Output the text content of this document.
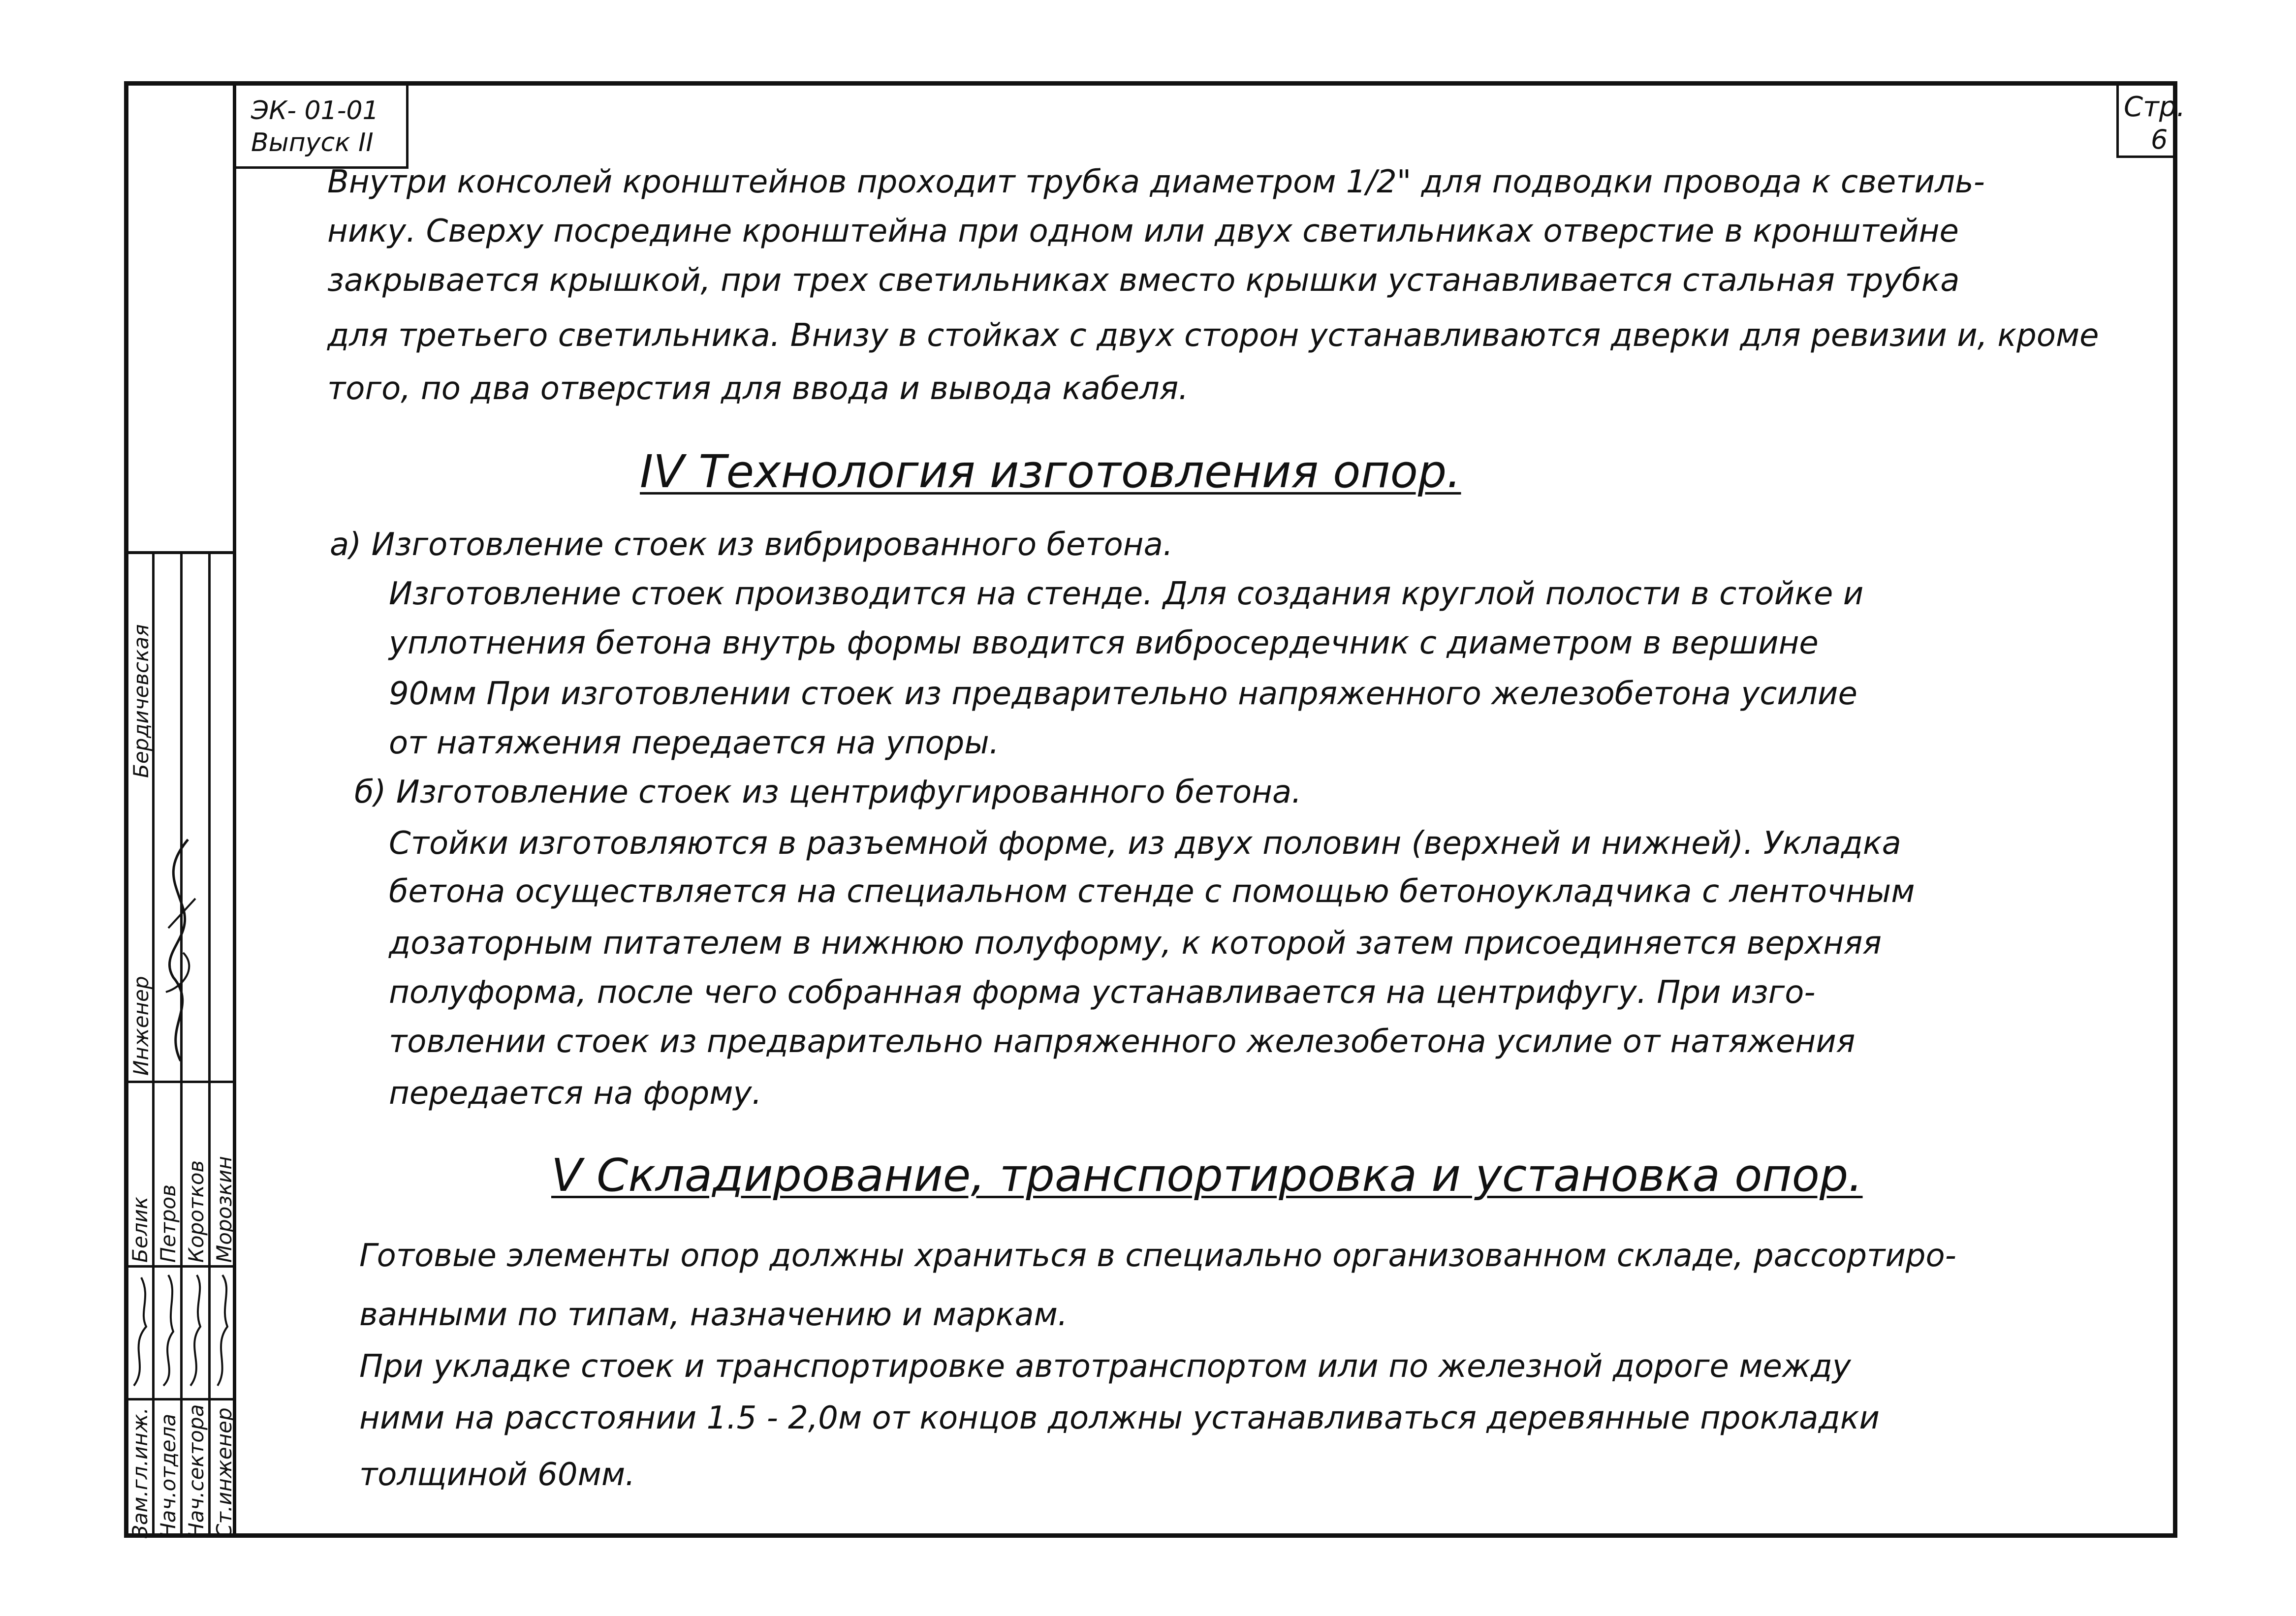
ЭК- 01-01
Выпуск II
Стр.
6
Внутри консолей кронштейнов проходит трубка диаметром 1/2" для подводки провода к светиль-
нику. Сверху посредине кронштейна при одном или двух светильниках отверстие в кронштейне
закрывается крышкой, при трех светильниках вместо крышки устанавливается стальная трубка
для третьего светильника. Внизу в стойках с двух сторон устанавливаются дверки для ревизии и, кроме
того, по два отверстия для ввода и вывода кабеля.
IV Технология изготовления опор.
а) Изготовление стоек из вибрированного бетона.
Изготовление стоек производится на стенде. Для создания круглой полости в стойке и
уплотнения бетона внутрь формы вводится вибросердечник с диаметром в вершине
90мм При изготовлении стоек из предварительно напряженного железобетона усилие
от натяжения передается на упоры.
б) Изготовление стоек из центрифугированного бетона.
Стойки изготовляются в разъемной форме, из двух половин (верхней и нижней). Укладка
бетона осуществляется на специальном стенде с помощью бетоноукладчика с ленточным
дозаторным питателем в нижнюю полуформу, к которой затем присоединяется верхняя
полуформа, после чего собранная форма устанавливается на центрифугу. При изго-
товлении стоек из предварительно напряженного железобетона усилие от натяжения
передается на форму.
V Складирование, транспортировка и установка опор.
Готовые элементы опор должны храниться в специально организованном складе, рассортиро-
ванными по типам, назначению и маркам.
При укладке стоек и транспортировке автотранспортом или по железной дороге между
ними на расстоянии 1.5 - 2,0м от концов должны устанавливаться деревянные прокладки
толщиной 60мм.
Инженер
Бердичевская
Зам.гл.инж. Нач.отдела Нач.сектора Ст.инженер
Белик Петров Коротков Морозкин
